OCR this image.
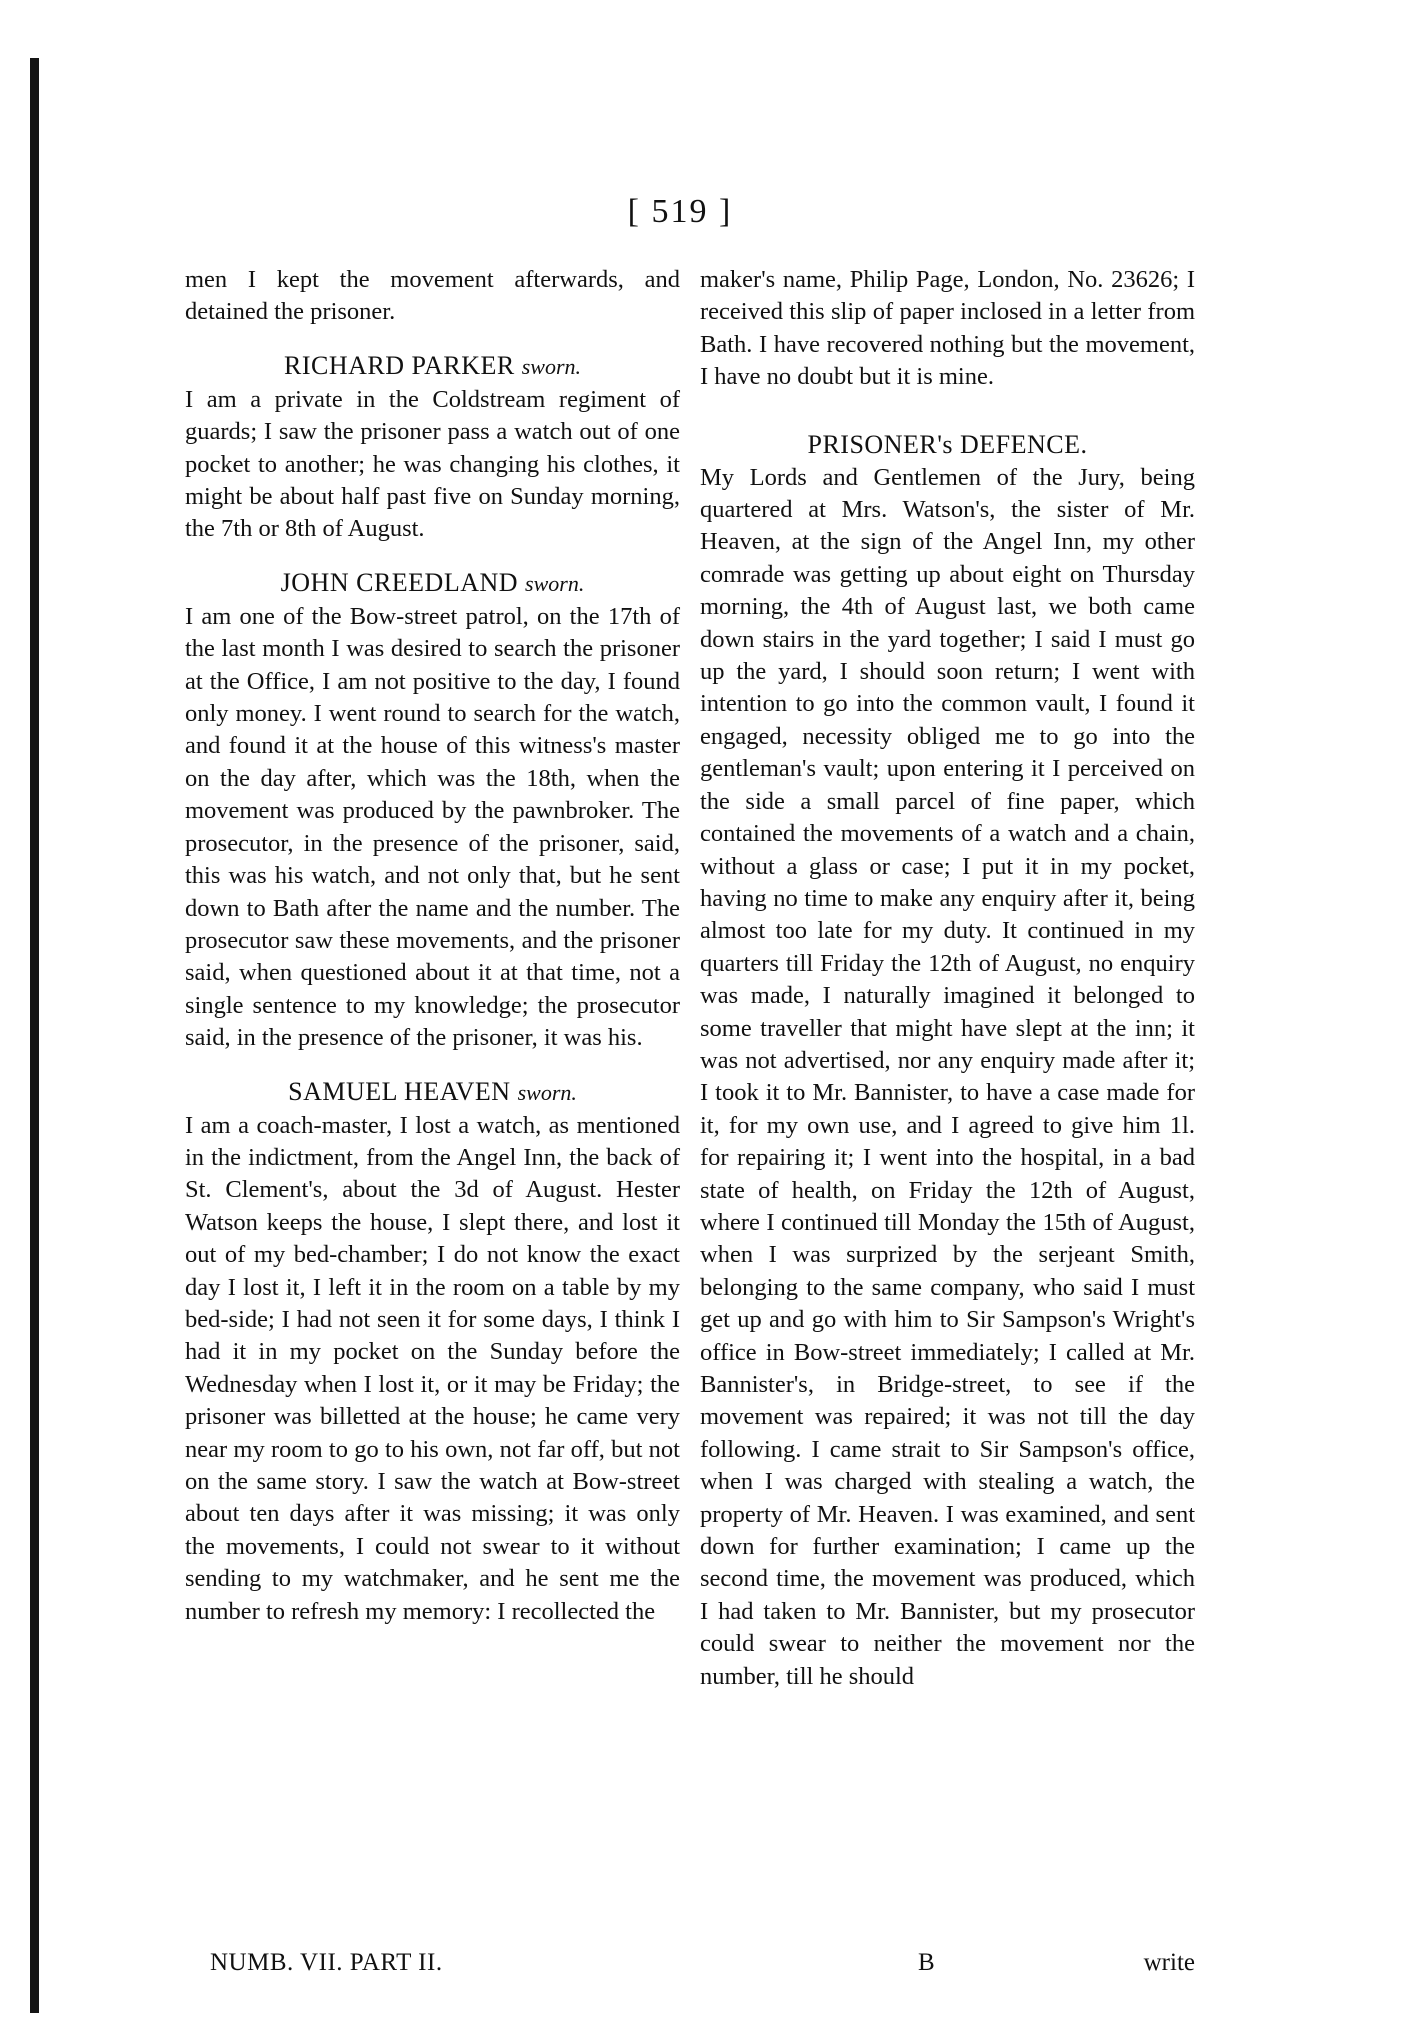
[ 519 ]

men I kept the movement afterwards, and detained the prisoner.

RICHARD PARKER sworn.

I am a private in the Coldstream regiment of guards; I saw the prisoner pass a watch out of one pocket to another; he was changing his clothes, it might be about half past five on Sunday morning, the 7th or 8th of August.

JOHN CREEDLAND sworn.

I am one of the Bow-street patrol, on the 17th of the last month I was desired to search the prisoner at the Office, I am not positive to the day, I found only money. I went round to search for the watch, and found it at the house of this witness's master on the day after, which was the 18th, when the movement was produced by the pawnbroker. The prosecutor, in the presence of the prisoner, said, this was his watch, and not only that, but he sent down to Bath after the name and the number. The prosecutor saw these movements, and the prisoner said, when questioned about it at that time, not a single sentence to my knowledge; the prosecutor said, in the presence of the prisoner, it was his.

SAMUEL HEAVEN sworn.

I am a coach-master, I lost a watch, as mentioned in the indictment, from the Angel Inn, the back of St. Clement's, about the 3d of August. Hester Watson keeps the house, I slept there, and lost it out of my bed-chamber; I do not know the exact day I lost it, I left it in the room on a table by my bed-side; I had not seen it for some days, I think I had it in my pocket on the Sunday before the Wednesday when I lost it, or it may be Friday; the prisoner was billetted at the house; he came very near my room to go to his own, not far off, but not on the same story. I saw the watch at Bow-street about ten days after it was missing; it was only the movements, I could not swear to it without sending to my watchmaker, and he sent me the number to refresh my memory: I recollected the

maker's name, Philip Page, London, No. 23626; I received this slip of paper inclosed in a letter from Bath. I have recovered nothing but the movement, I have no doubt but it is mine.

PRISONER's DEFENCE.

My Lords and Gentlemen of the Jury, being quartered at Mrs. Watson's, the sister of Mr. Heaven, at the sign of the Angel Inn, my other comrade was getting up about eight on Thursday morning, the 4th of August last, we both came down stairs in the yard together; I said I must go up the yard, I should soon return; I went with intention to go into the common vault, I found it engaged, necessity obliged me to go into the gentleman's vault; upon entering it I perceived on the side a small parcel of fine paper, which contained the movements of a watch and a chain, without a glass or case; I put it in my pocket, having no time to make any enquiry after it, being almost too late for my duty. It continued in my quarters till Friday the 12th of August, no enquiry was made, I naturally imagined it belonged to some traveller that might have slept at the inn; it was not advertised, nor any enquiry made after it; I took it to Mr. Bannister, to have a case made for it, for my own use, and I agreed to give him 1l. for repairing it; I went into the hospital, in a bad state of health, on Friday the 12th of August, where I continued till Monday the 15th of August, when I was surprized by the serjeant Smith, belonging to the same company, who said I must get up and go with him to Sir Sampson's Wright's office in Bow-street immediately; I called at Mr. Bannister's, in Bridge-street, to see if the movement was repaired; it was not till the day following. I came strait to Sir Sampson's office, when I was charged with stealing a watch, the property of Mr. Heaven. I was examined, and sent down for further examination; I came up the second time, the movement was produced, which I had taken to Mr. Bannister, but my prosecutor could swear to neither the movement nor the number, till he should

NUMB. VII. PART II.	B	write
